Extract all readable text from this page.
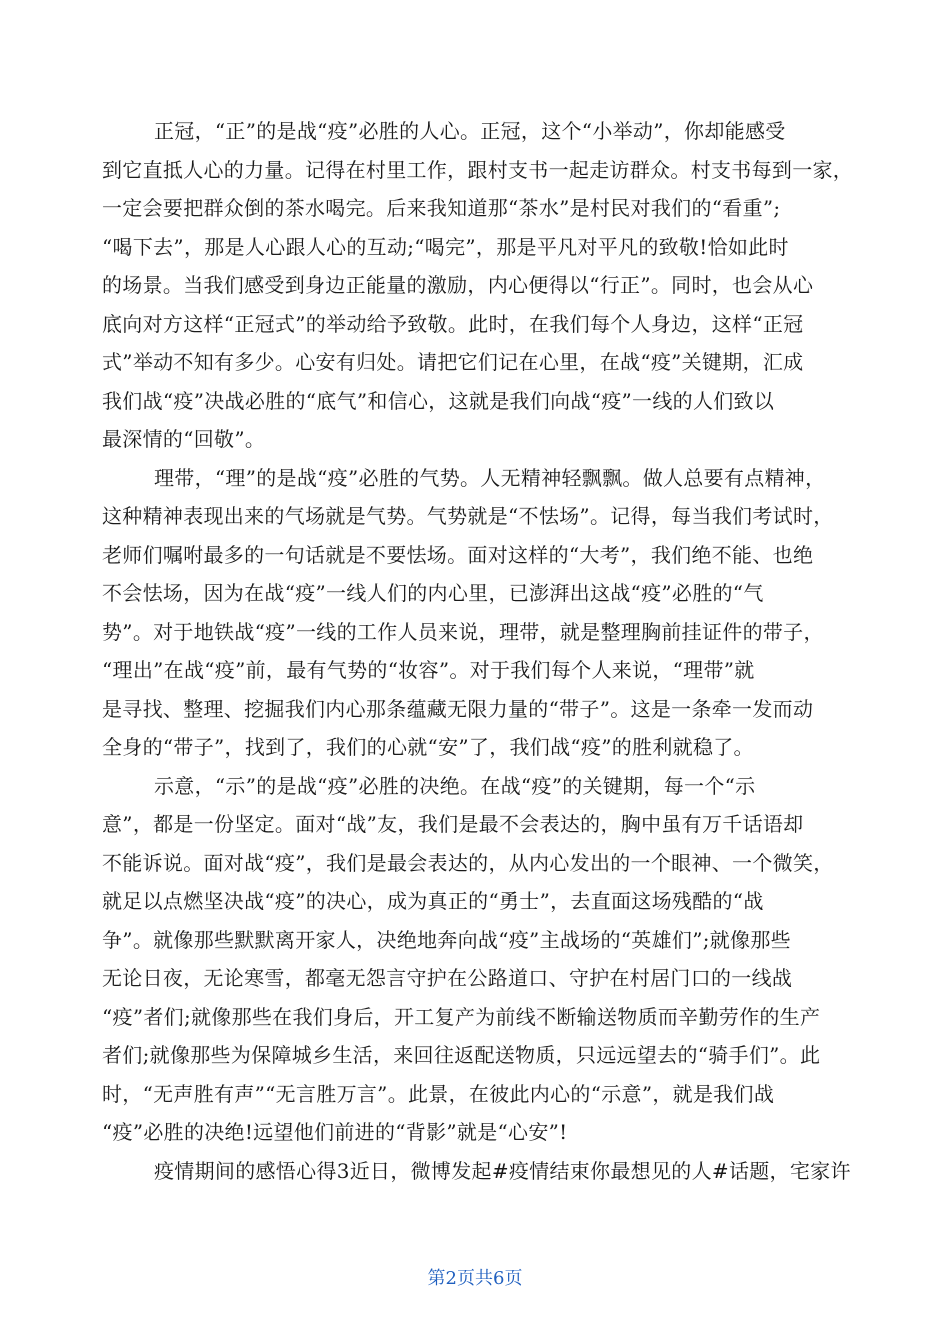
正冠，“正”的是战“疫”必胜的人心。正冠，这个“小举动”，你却能感受
到它直抵人心的力量。记得在村里工作，跟村支书一起走访群众。村支书每到一家，
一定会要把群众倒的茶水喝完。后来我知道那“茶水”是村民对我们的“看重”;
“喝下去”，那是人心跟人心的互动;“喝完”，那是平凡对平凡的致敬!恰如此时
的场景。当我们感受到身边正能量的激励，内心便得以“行正”。同时，也会从心
底向对方这样“正冠式”的举动给予致敬。此时，在我们每个人身边，这样“正冠
式”举动不知有多少。心安有归处。请把它们记在心里，在战“疫”关键期，汇成
我们战“疫”决战必胜的“底气”和信心，这就是我们向战“疫”一线的人们致以
最深情的“回敬”。
理带，“理”的是战“疫”必胜的气势。人无精神轻飘飘。做人总要有点精神，
这种精神表现出来的气场就是气势。气势就是“不怯场”。记得，每当我们考试时，
老师们嘱咐最多的一句话就是不要怯场。面对这样的“大考”，我们绝不能、也绝
不会怯场，因为在战“疫”一线人们的内心里，已澎湃出这战“疫”必胜的“气
势”。对于地铁战“疫”一线的工作人员来说，理带，就是整理胸前挂证件的带子，
“理出”在战“疫”前，最有气势的“妆容”。对于我们每个人来说，“理带”就
是寻找、整理、挖掘我们内心那条蕴藏无限力量的“带子”。这是一条牵一发而动
全身的“带子”，找到了，我们的心就“安”了，我们战“疫”的胜利就稳了。
示意，“示”的是战“疫”必胜的决绝。在战“疫”的关键期，每一个“示
意”，都是一份坚定。面对“战”友，我们是最不会表达的，胸中虽有万千话语却
不能诉说。面对战“疫”，我们是最会表达的，从内心发出的一个眼神、一个微笑，
就足以点燃坚决战“疫”的决心，成为真正的“勇士”，去直面这场残酷的“战
争”。就像那些默默离开家人，决绝地奔向战“疫”主战场的“英雄们”;就像那些
无论日夜，无论寒雪，都毫无怨言守护在公路道口、守护在村居门口的一线战
“疫”者们;就像那些在我们身后，开工复产为前线不断输送物质而辛勤劳作的生产
者们;就像那些为保障城乡生活，来回往返配送物质，只远远望去的“骑手们”。此
时，“无声胜有声”“无言胜万言”。此景，在彼此内心的“示意”，就是我们战
“疫”必胜的决绝!远望他们前进的“背影”就是“心安”!
疫情期间的感悟心得3近日，微博发起#疫情结束你最想见的人#话题，宅家许
第2页共6页
